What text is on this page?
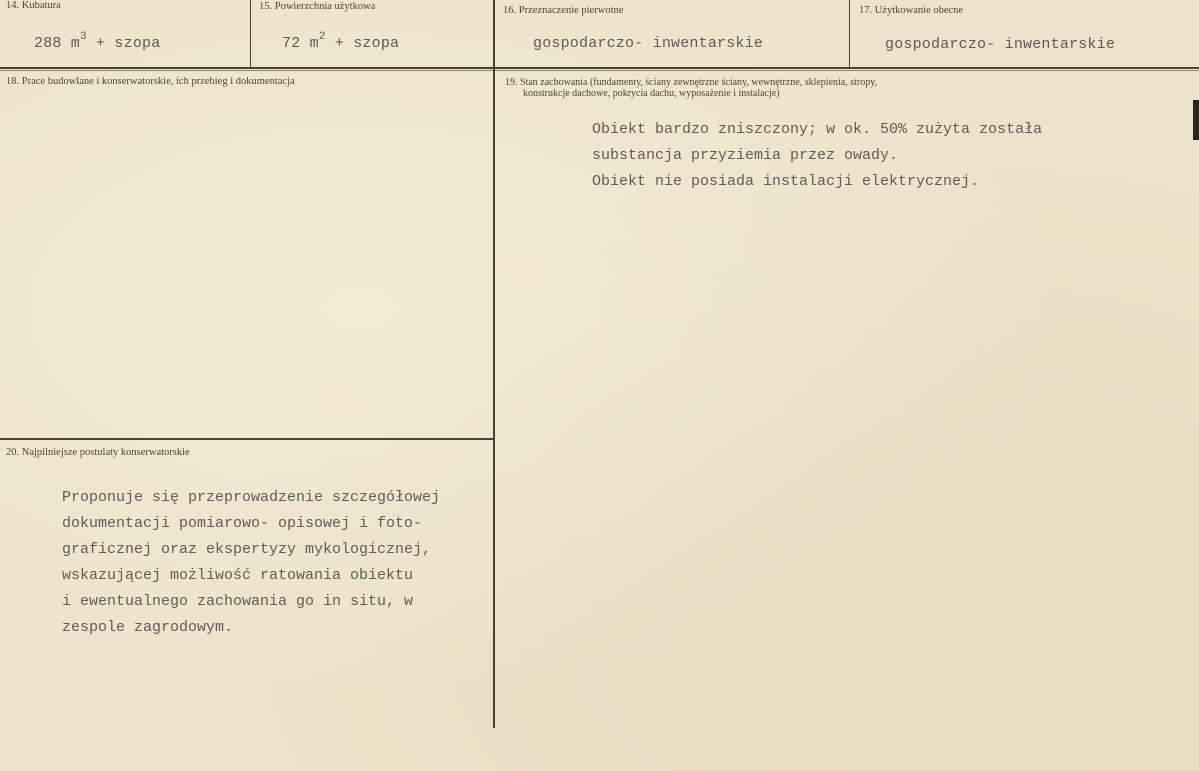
14. Kubatura
288 $m^3$ + szopa
15. Powierzchnia użytkowa
72 $m^2$ + szopa
16. Przeznaczenie pierwotne
gospodarczo- inwentarskie
17. Użytkowanie obecne
gospodarczo- inwentarskie
18. Prace budowlane i konserwatorskie, ich przebieg i dokumentacja	19. Stan zachowania (fundamenty, ściany zewnętrzne ściany, wewnętrzne, sklepienia, stropy,
konstrukcje dachowe, pokrycia dachu, wyposażenie i instalacje)
Obiekt bardzo zniszczony; w ok. 50% zużyta została
substancja przyziemia przez owady.
Obiekt nie posiada instalacji elektrycznej.
20. Najpilniejsze postulaty konserwatorskie
Proponuje się przeprowadzenie szczegółowej
dokumentacji pomiarowo- opisowej i foto-
graficznej oraz ekspertyzy mykologicznej,
wskazującej możliwość ratowania obiektu
i ewentualnego zachowania go in situ, w
zespole zagrodowym.
